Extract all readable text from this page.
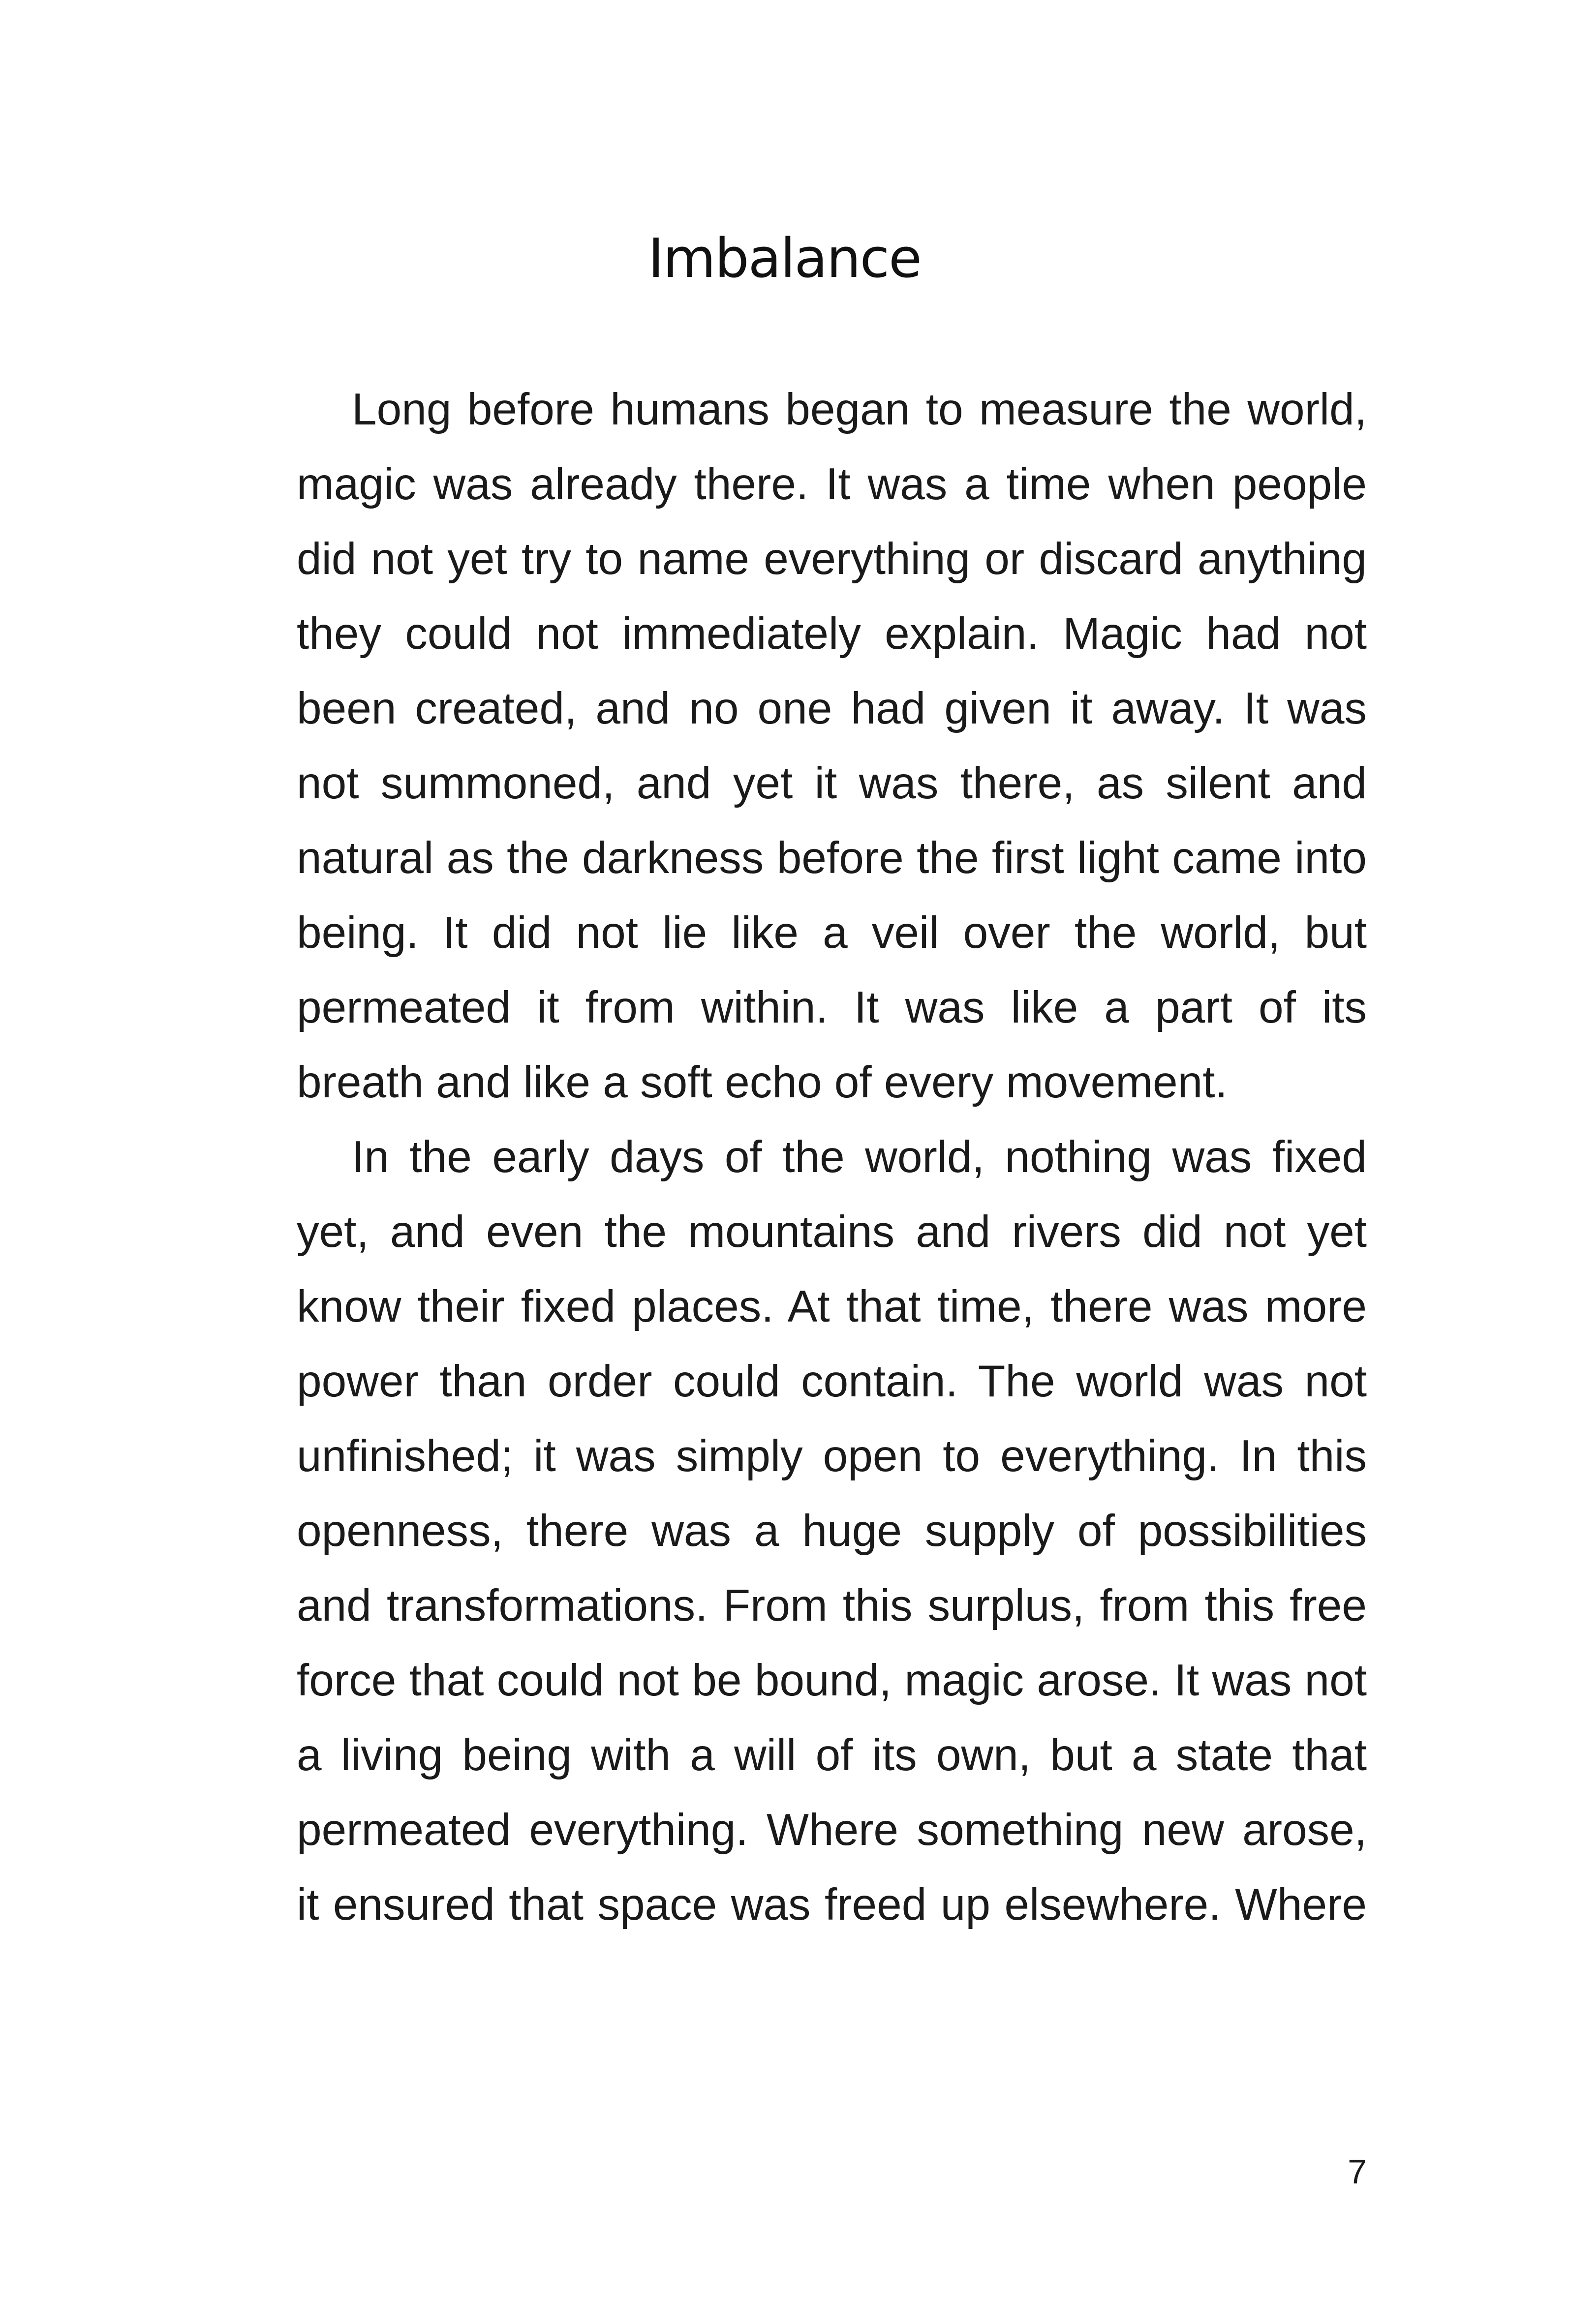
Imbalance

Long before humans began to measure the world, magic was already there. It was a time when people did not yet try to name everything or discard anything they could not immediately explain. Magic had not been created, and no one had given it away. It was not summoned, and yet it was there, as silent and natural as the darkness before the first light came into being. It did not lie like a veil over the world, but permeated it from within. It was like a part of its breath and like a soft echo of every movement.

In the early days of the world, nothing was fixed yet, and even the mountains and rivers did not yet know their fixed places. At that time, there was more power than order could contain. The world was not unfinished; it was simply open to everything. In this openness, there was a huge supply of possibilities and transformations. From this surplus, from this free force that could not be bound, magic arose. It was not a living being with a will of its own, but a state that permeated everything. Where something new arose, it ensured that space was freed up elsewhere. Where

7
